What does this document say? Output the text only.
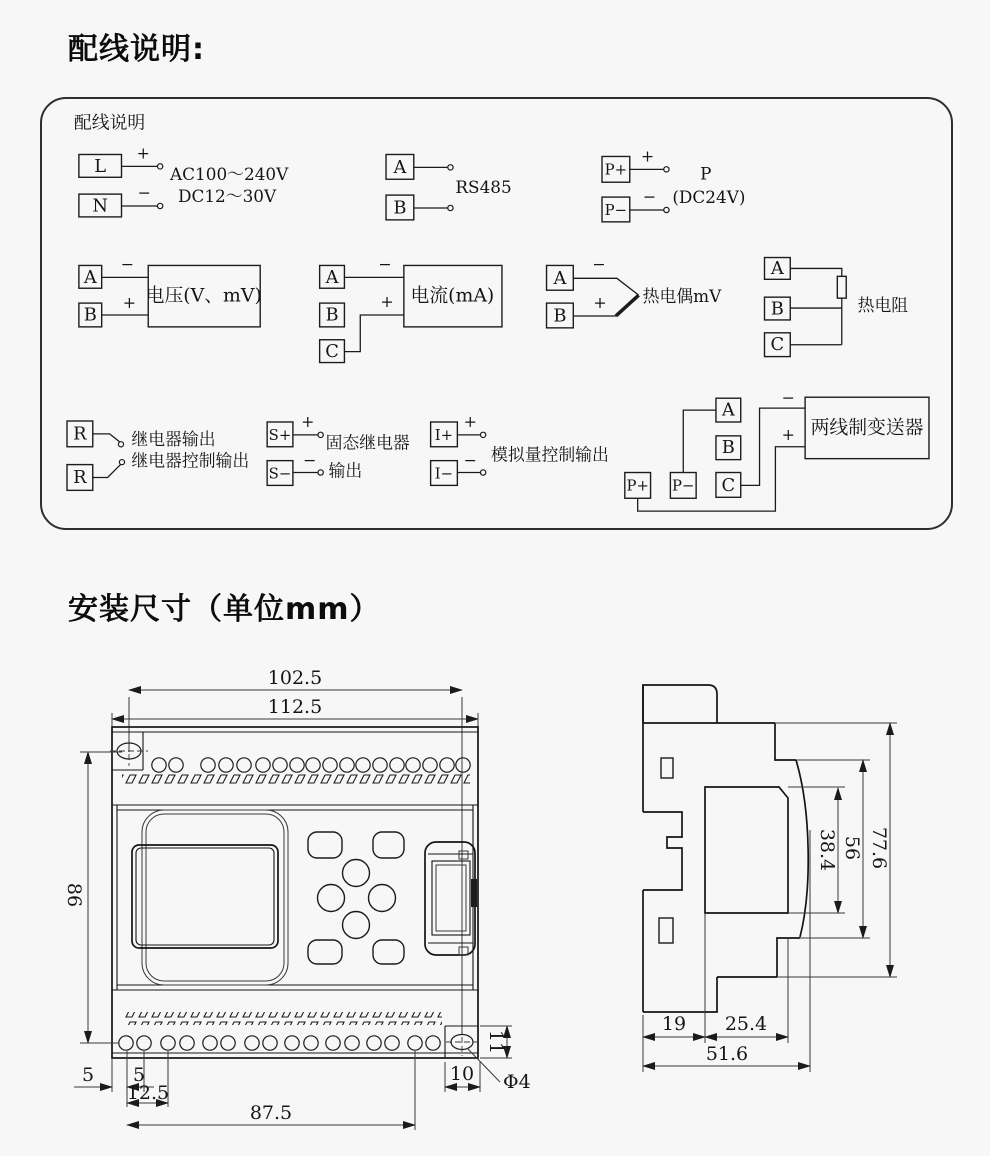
配线说明:
配线说明
L
N
+
−
AC100～240V
DC12～30V
A
B
RS485
P+
P−
+
−
P
(DC24V)
A
B
−
+ 电压(V、mV)
A
B
C
−
+ 电流(mA)
A
B
−
+ 热电偶mV
A
B
C
热电阻
R
R
继电器输出
继电器控制输出
S+
S−
+
−
固态继电器
输出
I+
I−
+
− 模拟量控制输出
A
B
C
P+ P−
−
+ 两线制变送器
安装尺寸（单位mm）
102.5
112.5
86
5 5
12.5
87.5
11
10 Φ4
38.4 56 77.6
19 25.4
51.6
